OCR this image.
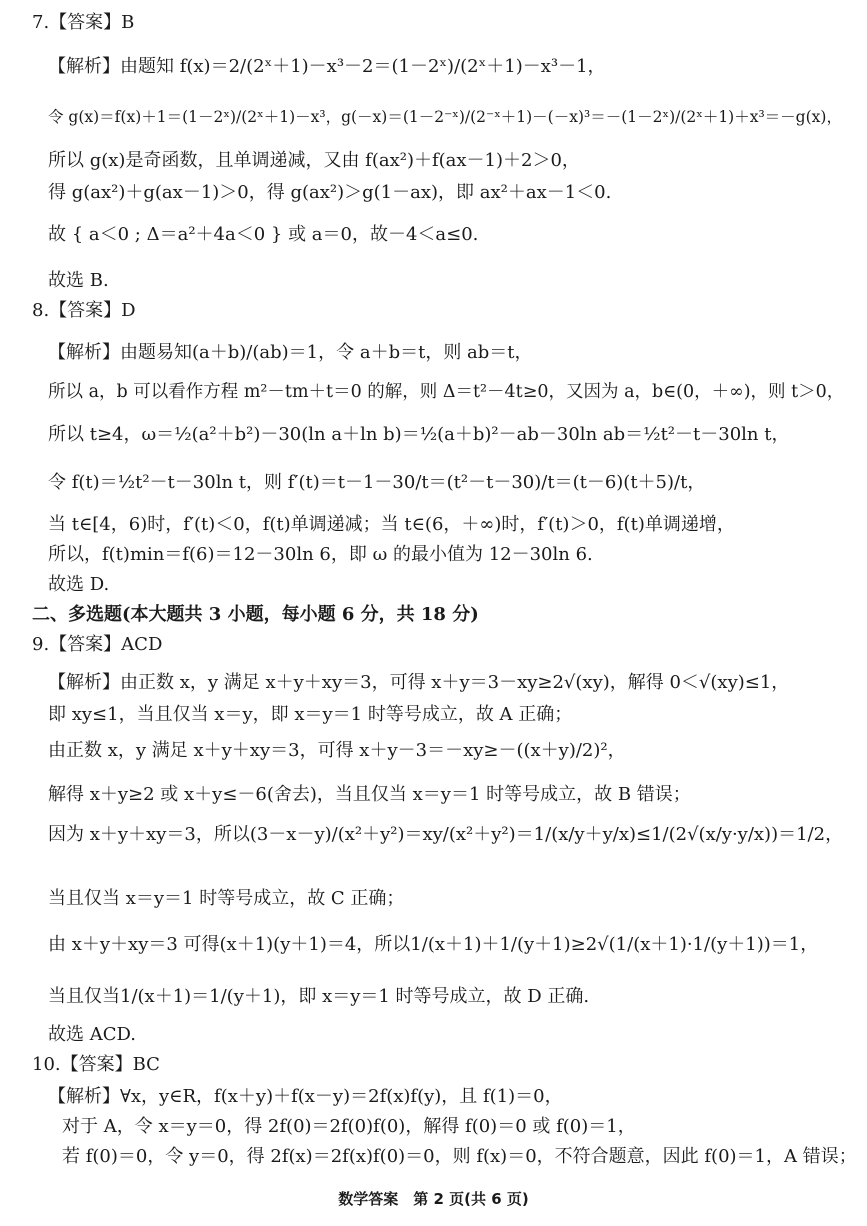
7.【答案】B
【解析】由题知 f(x)＝2/(2ˣ＋1)－x³－2＝(1－2ˣ)/(2ˣ＋1)－x³－1，
令 g(x)＝f(x)＋1＝(1－2ˣ)/(2ˣ＋1)－x³，g(－x)＝(1－2⁻ˣ)/(2⁻ˣ＋1)－(－x)³＝－(1－2ˣ)/(2ˣ＋1)＋x³＝－g(x)，
所以 g(x)是奇函数，且单调递减，又由 f(ax²)＋f(ax－1)＋2＞0，
得 g(ax²)＋g(ax－1)＞0，得 g(ax²)＞g(1－ax)，即 ax²＋ax－1＜0.
故 { a＜0 ; Δ＝a²＋4a＜0 } 或 a＝0，故－4＜a≤0.
故选 B.
8.【答案】D
【解析】由题易知(a＋b)/(ab)＝1，令 a＋b＝t，则 ab＝t，
所以 a，b 可以看作方程 m²－tm＋t＝0 的解，则 Δ＝t²－4t≥0，又因为 a，b∈(0，＋∞)，则 t＞0，
所以 t≥4，ω＝½(a²＋b²)－30(ln a＋ln b)＝½(a＋b)²－ab－30ln ab＝½t²－t－30ln t，
令 f(t)＝½t²－t－30ln t，则 f′(t)＝t－1－30/t＝(t²－t－30)/t＝(t－6)(t＋5)/t，
当 t∈[4，6)时，f′(t)＜0，f(t)单调递减；当 t∈(6，＋∞)时，f′(t)＞0，f(t)单调递增，
所以，f(t)min＝f(6)＝12－30ln 6，即 ω 的最小值为 12－30ln 6.
故选 D.
二、多选题(本大题共 3 小题，每小题 6 分，共 18 分)
9.【答案】ACD
【解析】由正数 x，y 满足 x＋y＋xy＝3，可得 x＋y＝3－xy≥2√(xy)，解得 0＜√(xy)≤1，
即 xy≤1，当且仅当 x＝y，即 x＝y＝1 时等号成立，故 A 正确；
由正数 x，y 满足 x＋y＋xy＝3，可得 x＋y－3＝－xy≥－((x＋y)/2)²，
解得 x＋y≥2 或 x＋y≤－6(舍去)，当且仅当 x＝y＝1 时等号成立，故 B 错误；
因为 x＋y＋xy＝3，所以(3－x－y)/(x²＋y²)＝xy/(x²＋y²)＝1/(x/y＋y/x)≤1/(2√(x/y·y/x))＝1/2，
当且仅当 x＝y＝1 时等号成立，故 C 正确；
由 x＋y＋xy＝3 可得(x＋1)(y＋1)＝4，所以1/(x＋1)＋1/(y＋1)≥2√(1/(x＋1)·1/(y＋1))＝1，
当且仅当1/(x＋1)＝1/(y＋1)，即 x＝y＝1 时等号成立，故 D 正确.
故选 ACD.
10.【答案】BC
【解析】∀x，y∈R，f(x＋y)＋f(x－y)＝2f(x)f(y)，且 f(1)＝0，
对于 A，令 x＝y＝0，得 2f(0)＝2f(0)f(0)，解得 f(0)＝0 或 f(0)＝1，
若 f(0)＝0，令 y＝0，得 2f(x)＝2f(x)f(0)＝0，则 f(x)＝0，不符合题意，因此 f(0)＝1，A 错误；
数学答案　第 2 页(共 6 页)
